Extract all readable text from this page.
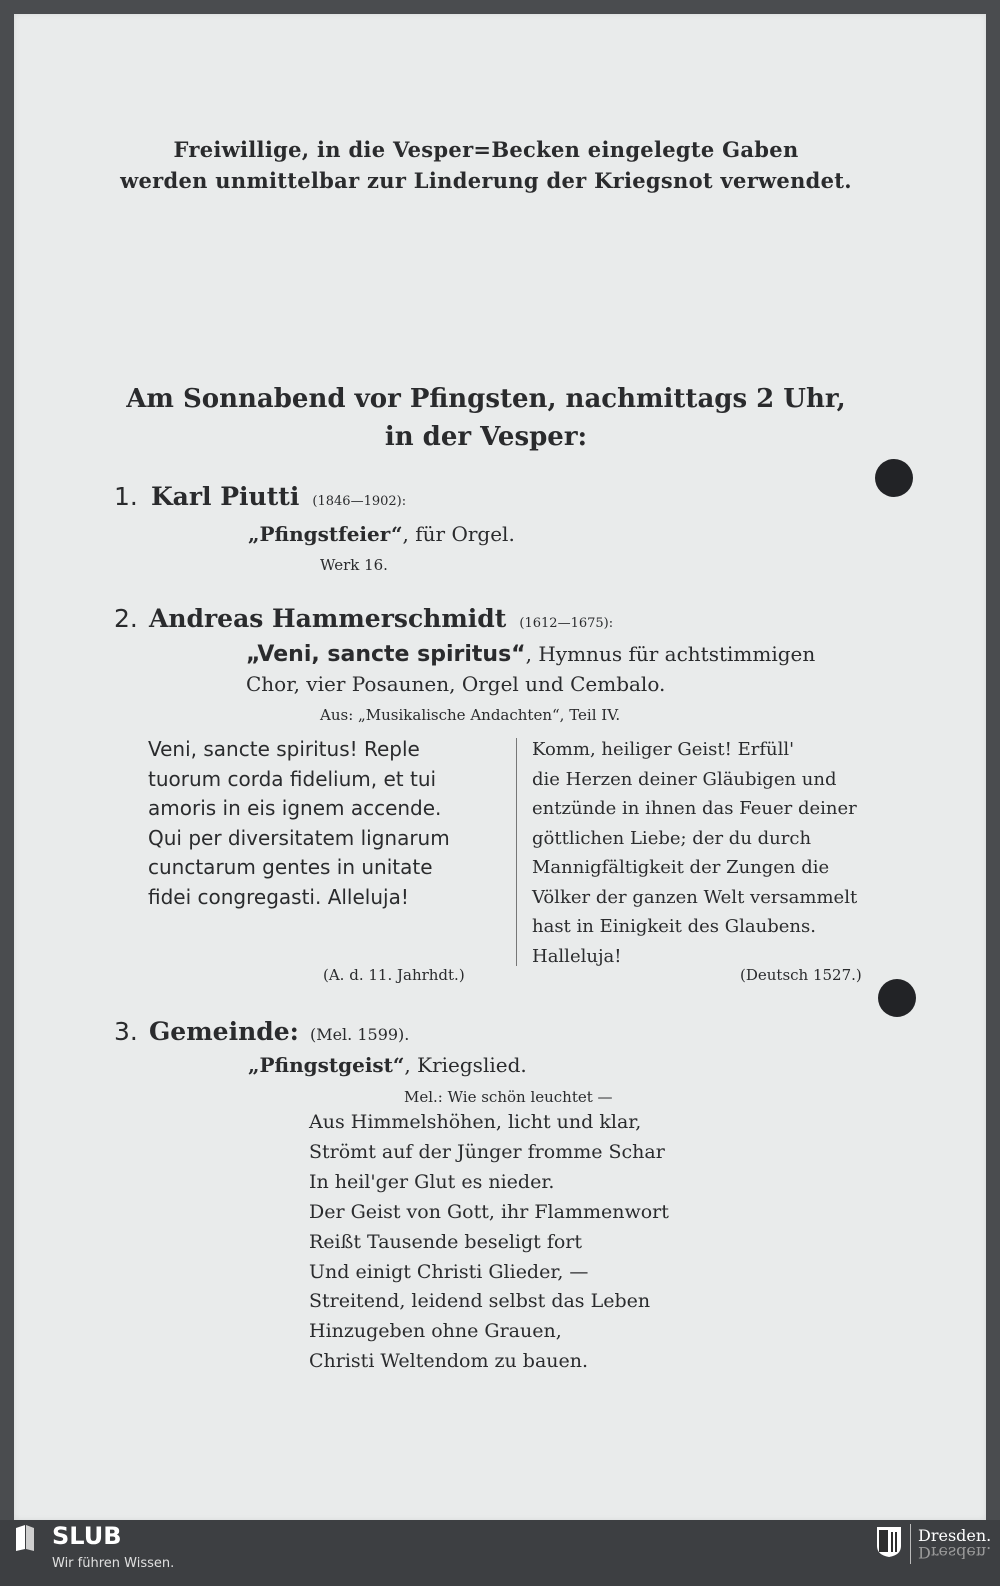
Freiwillige, in die Vesper=Becken eingelegte Gaben
werden unmittelbar zur Linderung der Kriegsnot verwendet.
Am Sonnabend vor Pfingsten, nachmittags 2 Uhr,
in der Vesper:
1. Karl Piutti (1846—1902):
„Pfingstfeier“, für Orgel.
Werk 16.
2. Andreas Hammerschmidt (1612—1675):
„Veni, sancte spiritus“, Hymnus für achtstimmigen
Chor, vier Posaunen, Orgel und Cembalo.
Aus: „Musikalische Andachten“, Teil IV.
Veni, sancte spiritus! Reple
tuorum corda fidelium, et tui
amoris in eis ignem accende.
Qui per diversitatem lignarum
cunctarum gentes in unitate
fidei congregasti. Alleluja!
Komm, heiliger Geist! Erfüll'
die Herzen deiner Gläubigen und
entzünde in ihnen das Feuer deiner
göttlichen Liebe; der du durch
Mannigfältigkeit der Zungen die
Völker der ganzen Welt versammelt
hast in Einigkeit des Glaubens.
Halleluja!
(A. d. 11. Jahrhdt.)	(Deutsch 1527.)
3. Gemeinde: (Mel. 1599).
„Pfingstgeist“, Kriegslied.
Mel.: Wie schön leuchtet —
Aus Himmelshöhen, licht und klar,
Strömt auf der Jünger fromme Schar
In heil'ger Glut es nieder.
Der Geist von Gott, ihr Flammenwort
Reißt Tausende beseligt fort
Und einigt Christi Glieder, —
Streitend, leidend selbst das Leben
Hinzugeben ohne Grauen,
Christi Weltendom zu bauen.
SLUB
Wir führen Wissen.
Dresden.
Dresden.
